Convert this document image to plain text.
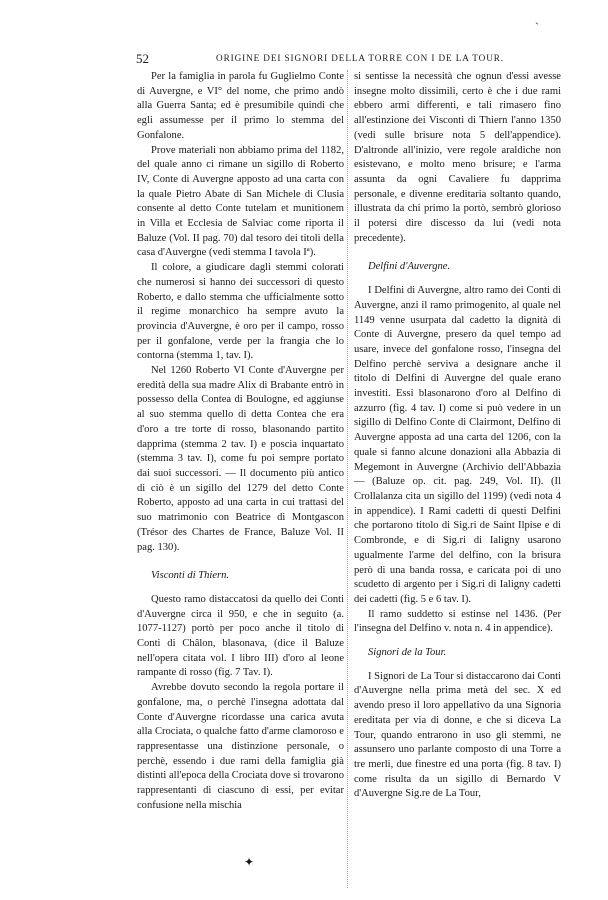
52	ORIGINE DEI SIGNORI DELLA TORRE CON I DE LA TOUR.
ˋ

Per la famiglia in parola fu Guglielmo Conte di Auvergne, e VI° del nome, che primo andò alla Guerra Santa; ed è presumibile quindi che egli assumesse per il primo lo stemma del Gonfalone.

Prove materiali non abbiamo prima del 1182, del quale anno ci rimane un sigillo di Roberto IV, Conte di Auvergne apposto ad una carta con la quale Pietro Abate di San Michele di Clusia consente al detto Conte tutelam et munitionem in Villa et Ecclesia de Salviac come riporta il Baluze (Vol. II pag. 70) dal tesoro dei titoli della casa d'Auvergne (vedi stemma I tavola Iª).

Il colore, a giudicare dagli stemmi colorati che numerosi si hanno dei successori di questo Roberto, e dallo stemma che ufficialmente sotto il regime monarchico ha sempre avuto la provincia d'Auvergne, è oro per il campo, rosso per il gonfalone, verde per la frangia che lo contorna (stemma 1, tav. I).

Nel 1260 Roberto VI Conte d'Auvergne per eredità della sua madre Alix di Brabante entrò in possesso della Contea di Boulogne, ed aggiunse al suo stemma quello di detta Contea che era d'oro a tre torte di rosso, blasonando partito dapprima (stemma 2 tav. I) e poscia inquartato (stemma 3 tav. I), come fu poi sempre portato dai suoi successori. — Il documento più antico di ciò è un sigillo del 1279 del detto Conte Roberto, apposto ad una carta in cui trattasi del suo matrimonio con Beatrice di Montgascon (Trésor des Chartes de France, Baluze Vol. II pag. 130).

Visconti di Thiern.

Questo ramo distaccatosi da quello dei Conti d'Auvergne circa il 950, e che in seguito (a. 1077-1127) portò per poco anche il titolo di Conti di Châlon, blasonava, (dice il Baluze nell'opera citata vol. I libro III) d'oro al leone rampante di rosso (fig. 7 Tav. I).

Avrebbe dovuto secondo la regola portare il gonfalone, ma, o perchè l'insegna adottata dal Conte d'Auvergne ricordasse una carica avuta alla Crociata, o qualche fatto d'arme clamoroso e rappresentasse una distinzione personale, o perchè, essendo i due rami della famiglia già distinti all'epoca della Crociata dove si trovarono rappresentanti di ciascuno di essi, per evitar confusione nella mischia

si sentisse la necessità che ognun d'essi avesse insegne molto dissimili, certo è che i due rami ebbero armi differenti, e tali rimasero fino all'estinzione dei Visconti di Thiern l'anno 1350 (vedi sulle brisure nota 5 dell'appendice). D'altronde all'inizio, vere regole araldiche non esistevano, e molto meno brisure; e l'arma assunta da ogni Cavaliere fu dapprima personale, e divenne ereditaria soltanto quando, illustrata da chi primo la portò, sembrò glorioso il potersi dire discesso da lui (vedi nota precedente).

Delfini d'Auvergne.

I Delfini di Auvergne, altro ramo dei Conti di Auvergne, anzi il ramo primogenito, al quale nel 1149 venne usurpata dal cadetto la dignità di Conte di Auvergne, presero da quel tempo ad usare, invece del gonfalone rosso, l'insegna del Delfino perchè serviva a designare anche il titolo di Delfini di Auvergne del quale erano investiti. Essi blasonarono d'oro al Delfino di azzurro (fig. 4 tav. I) come si può vedere in un sigillo di Delfino Conte di Clairmont, Delfino di Auvergne apposta ad una carta del 1206, con la quale si fanno alcune donazioni alla Abbazia di Megemont in Auvergne (Archivio dell'Abbazia — (Baluze op. cit. pag. 249, Vol. II). (Il Crollalanza cita un sigillo del 1199) (vedi nota 4 in appendice). I Rami cadetti di questi Delfini che portarono titolo di Sig.ri de Saint Ilpise e di Combronde, e di Sig.ri di Ialigny usarono ugualmente l'arme del delfino, con la brisura però di una banda rossa, e caricata poi di uno scudetto di argento per i Sig.ri di Ialigny cadetti dei cadetti (fig. 5 e 6 tav. I).

Il ramo suddetto si estinse nel 1436. (Per l'insegna del Delfino v. nota n. 4 in appendice).

Signori de la Tour.

I Signori de La Tour si distaccarono dai Conti d'Auvergne nella prima metà del sec. X ed avendo preso il loro appellativo da una Signoria ereditata per via di donne, e che si diceva La Tour, quando entrarono in uso gli stemmi, ne assunsero uno parlante composto di una Torre a tre merli, due finestre ed una porta (fig. 8 tav. I) come risulta da un sigillo di Bernardo V d'Auvergne Sig.re de La Tour,

✦
